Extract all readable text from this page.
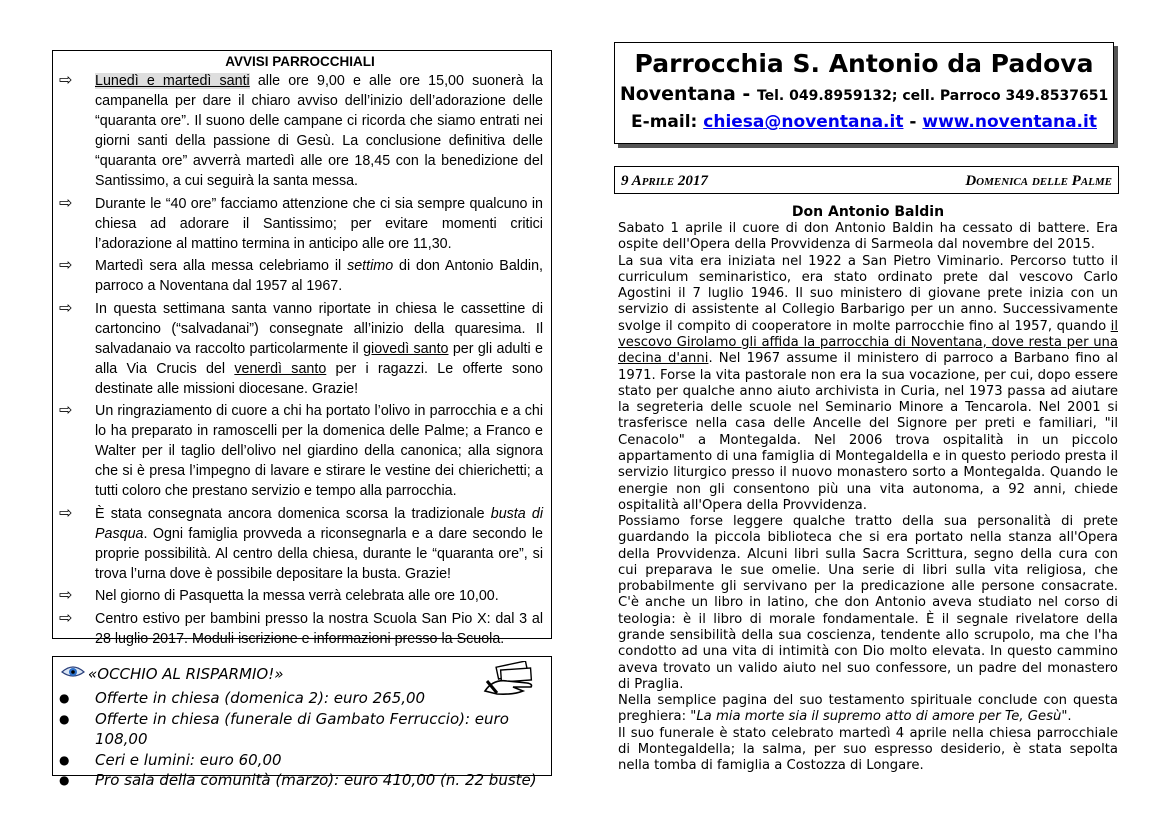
AVVISI PARROCCHIALI
⇨	Lunedì e martedì santi alle ore 9,00 e alle ore 15,00 suonerà la campanella per dare il chiaro avviso dell’inizio dell’adorazione delle “quaranta ore”. Il suono delle campane ci ricorda che siamo entrati nei giorni santi della passione di Gesù. La conclusione definitiva delle “quaranta ore” avverrà martedì alle ore 18,45 con la benedizione del Santissimo, a cui seguirà la santa messa.

⇨	Durante le “40 ore” facciamo attenzione che ci sia sempre qualcuno in chiesa ad adorare il Santissimo; per evitare momenti critici l’adorazione al mattino termina in anticipo alle ore 11,30.

⇨	Martedì sera alla messa celebriamo il settimo di don Antonio Baldin, parroco a Noventana dal 1957 al 1967.

⇨	In questa settimana santa vanno riportate in chiesa le cassettine di cartoncino (“salvadanai”) consegnate all’inizio della quaresima. Il salvadanaio va raccolto particolarmente il giovedì santo per gli adulti e alla Via Crucis del venerdì santo per i ragazzi. Le offerte sono destinate alle missioni diocesane. Grazie!

⇨	Un ringraziamento di cuore a chi ha portato l’olivo in parrocchia e a chi lo ha preparato in ramoscelli per la domenica delle Palme; a Franco e Walter per il taglio dell’olivo nel giardino della canonica; alla signora che si è presa l’impegno di lavare e stirare le vestine dei chierichetti; a tutti coloro che prestano servizio e tempo alla parrocchia.

⇨	È stata consegnata ancora domenica scorsa la tradizionale busta di Pasqua. Ogni famiglia provveda a riconsegnarla e a dare secondo le proprie possibilità. Al centro della chiesa, durante le “quaranta ore”, si trova l’urna dove è possibile depositare la busta. Grazie!

⇨	Nel giorno di Pasquetta la messa verrà celebrata alle ore 10,00.

⇨	Centro estivo per bambini presso la nostra Scuola San Pio X: dal 3 al 28 luglio 2017. Moduli iscrizione e informazioni presso la Scuola.

«OCCHIO AL RISPARMIO!»
●	Offerte in chiesa (domenica 2): euro 265,00
●	Offerte in chiesa (funerale di Gambato Ferruccio): euro 108,00
●	Ceri e lumini: euro 60,00
●	Pro sala della comunità (marzo): euro 410,00 (n. 22 buste)
Parrocchia S. Antonio da Padova
Noventana - Tel. 049.8959132; cell. Parroco 349.8537651
E-mail: chiesa@noventana.it - www.noventana.it
9 Aprile 2017	Domenica delle Palme
Don Antonio Baldin

Sabato 1 aprile il cuore di don Antonio Baldin ha cessato di battere. Era ospite dell'Opera della Provvidenza di Sarmeola dal novembre del 2015.

La sua vita era iniziata nel 1922 a San Pietro Viminario. Percorso tutto il curriculum seminaristico, era stato ordinato prete dal vescovo Carlo Agostini il 7 luglio 1946. Il suo ministero di giovane prete inizia con un servizio di assistente al Collegio Barbarigo per un anno. Successivamente svolge il compito di cooperatore in molte parrocchie fino al 1957, quando il vescovo Girolamo gli affida la parrocchia di Noventana, dove resta per una decina d'anni. Nel 1967 assume il ministero di parroco a Barbano fino al 1971. Forse la vita pastorale non era la sua vocazione, per cui, dopo essere stato per qualche anno aiuto archivista in Curia, nel 1973 passa ad aiutare la segreteria delle scuole nel Seminario Minore a Tencarola. Nel 2001 si trasferisce nella casa delle Ancelle del Signore per preti e familiari, "il Cenacolo" a Montegalda. Nel 2006 trova ospitalità in un piccolo appartamento di una famiglia di Montegaldella e in questo periodo presta il servizio liturgico presso il nuovo monastero sorto a Montegalda. Quando le energie non gli consentono più una vita autonoma, a 92 anni, chiede ospitalità all'Opera della Provvidenza.

Possiamo forse leggere qualche tratto della sua personalità di prete guardando la piccola biblioteca che si era portato nella stanza all'Opera della Provvidenza. Alcuni libri sulla Sacra Scrittura, segno della cura con cui preparava le sue omelie. Una serie di libri sulla vita religiosa, che probabilmente gli servivano per la predicazione alle persone consacrate. C'è anche un libro in latino, che don Antonio aveva studiato nel corso di teologia: è il libro di morale fondamentale. È il segnale rivelatore della grande sensibilità della sua coscienza, tendente allo scrupolo, ma che l'ha condotto ad una vita di intimità con Dio molto elevata. In questo cammino aveva trovato un valido aiuto nel suo confessore, un padre del monastero di Praglia.

Nella semplice pagina del suo testamento spirituale conclude con questa preghiera: "La mia morte sia il supremo atto di amore per Te, Gesù".

Il suo funerale è stato celebrato martedì 4 aprile nella chiesa parrocchiale di Montegaldella; la salma, per suo espresso desiderio, è stata sepolta nella tomba di famiglia a Costozza di Longare.
